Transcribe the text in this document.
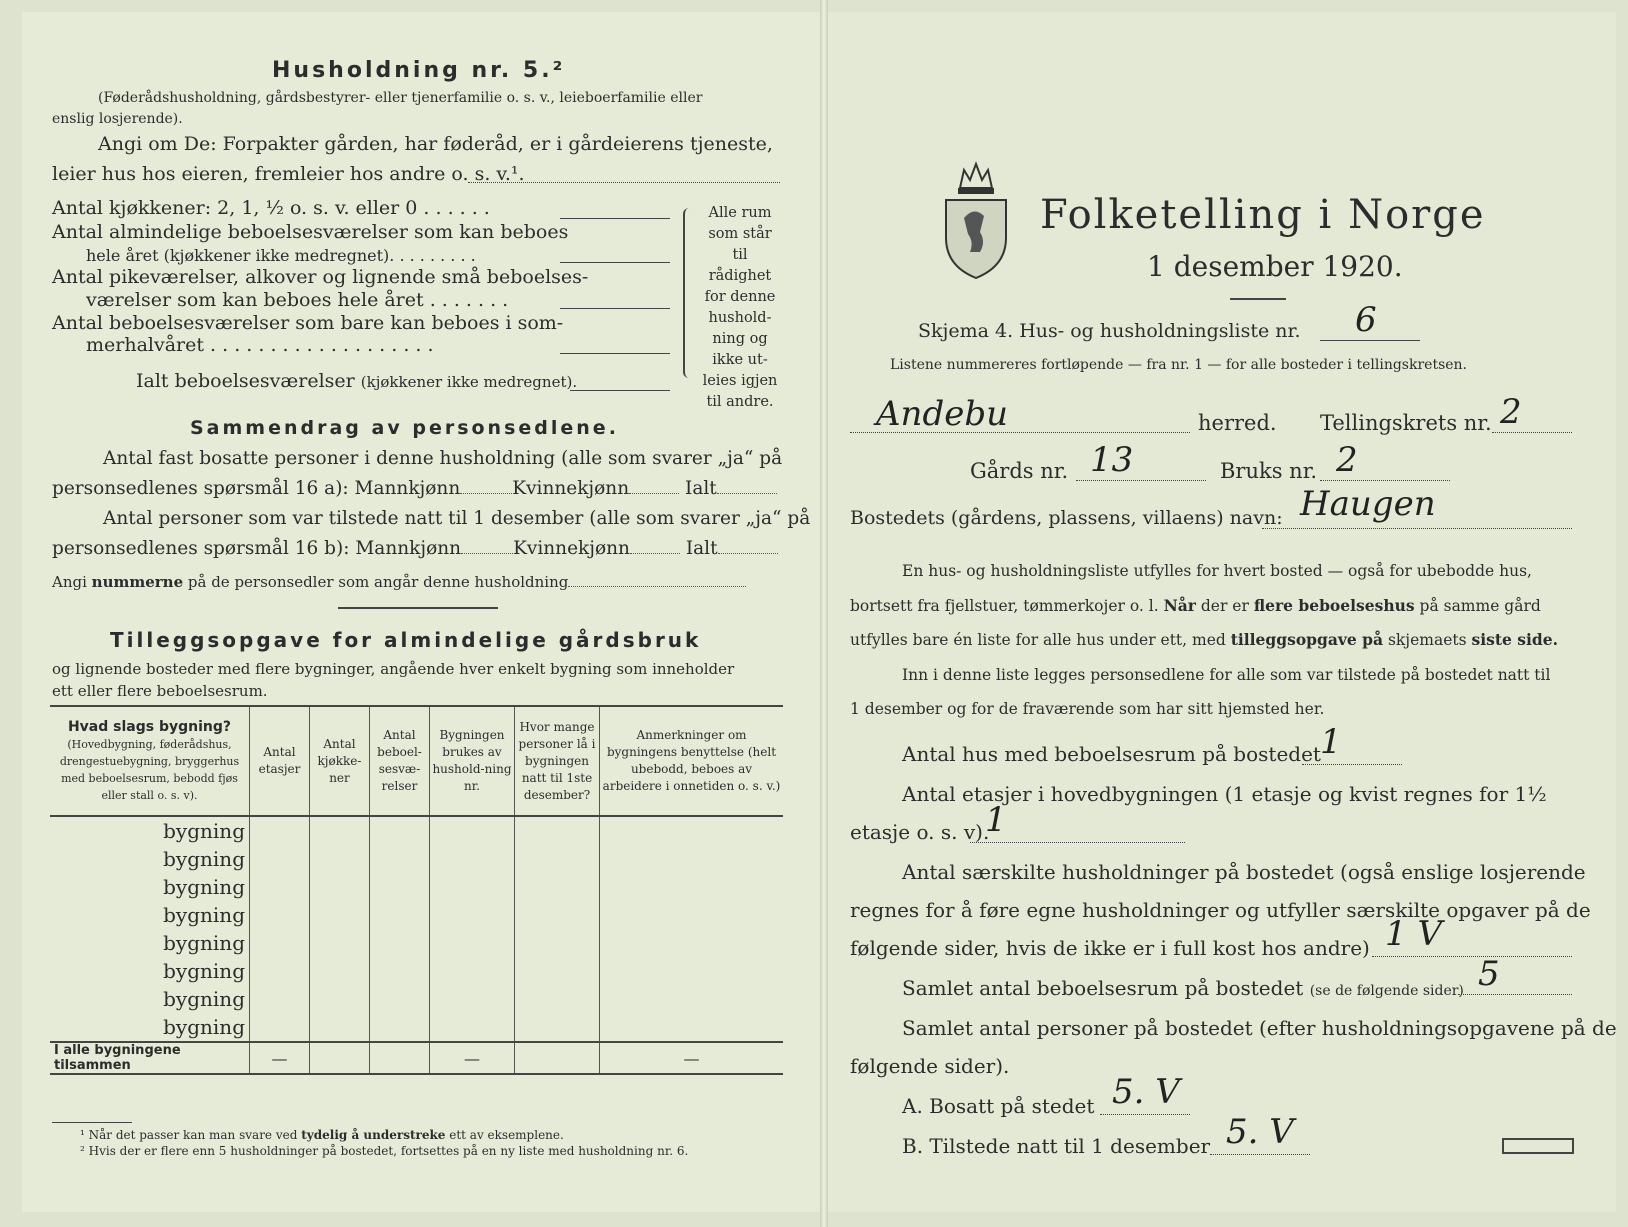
Husholdning nr. 5.²
(Føderådshusholdning, gårdsbestyrer- eller tjenerfamilie o. s. v., leieboerfamilie eller
enslig losjerende).
Angi om De: Forpakter gården, har føderåd, er i gårdeierens tjeneste,
leier hus hos eieren, fremleier hos andre o. s. v.¹.
Antal kjøkkener: 2, 1, ½ o. s. v. eller 0 . . . . . .
Antal almindelige beboelsesværelser som kan beboes
hele året (kjøkkener ikke medregnet). . . . . . . . .
Antal pikeværelser, alkover og lignende små beboelses-
værelser som kan beboes hele året . . . . . . .
Antal beboelsesværelser som bare kan beboes i som-
merhalvåret . . . . . . . . . . . . . . . . . . .
Ialt beboelsesværelser (kjøkkener ikke medregnet).
Alle rum
som står til
rådighet
for denne
hushold-
ning og
ikke ut-
leies igjen
til andre.
Sammendrag av personsedlene.
Antal fast bosatte personer i denne husholdning (alle som svarer „ja“ på
personsedlenes spørsmål 16 a): Mannkjønn	Kvinnekjønn	Ialt
Antal personer som var tilstede natt til 1 desember (alle som svarer „ja“ på
personsedlenes spørsmål 16 b): Mannkjønn	Kvinnekjønn	Ialt
Angi nummerne på de personsedler som angår denne husholdning
Tilleggsopgave for almindelige gårdsbruk
og lignende bosteder med flere bygninger, angående hver enkelt bygning som inneholder
ett eller flere beboelsesrum.
Hvad slags bygning?
(Hovedbygning, føderådshus, drengestuebygning, bryggerhus med beboelsesrum, bebodd fjøs eller stall o. s. v).	Antal etasjer	Antal kjøkke-ner	Antal beboel-sesvæ-relser	Bygningen brukes av hushold-ning nr.	Hvor mange personer lå i bygningen natt til 1ste desember?	Anmerkninger om bygningens benyttelse (helt ubebodd, beboes av arbeidere i onnetiden o. s. v.)
bygning						
bygning						
bygning						
bygning						
bygning						
bygning						
bygning						
bygning						
I alle bygningene tilsammen	—			—		—
¹ Når det passer kan man svare ved tydelig å understreke ett av eksemplene.
² Hvis der er flere enn 5 husholdninger på bostedet, fortsettes på en ny liste med husholdning nr. 6.
Folketelling i Norge
1 desember 1920.
Skjema 4. Hus- og husholdningsliste nr. 6
Listene nummereres fortløpende — fra nr. 1 — for alle bosteder i tellingskretsen.
Andebu	herred. Tellingskrets nr. 2
Gårds nr. 13	Bruks nr. 2
Bostedets (gårdens, plassens, villaens) navn: Haugen
En hus- og husholdningsliste utfylles for hvert bosted — også for ubebodde hus,
bortsett fra fjellstuer, tømmerkojer o. l. Når der er flere beboelseshus på samme gård
utfylles bare én liste for alle hus under ett, med tilleggsopgave på skjemaets siste side.
Inn i denne liste legges personsedlene for alle som var tilstede på bostedet natt til
1 desember og for de fraværende som har sitt hjemsted her.
Antal hus med beboelsesrum på bostedet 1
Antal etasjer i hovedbygningen (1 etasje og kvist regnes for 1½
etasje o. s. v).
1
Antal særskilte husholdninger på bostedet (også enslige losjerende
regnes for å føre egne husholdninger og utfyller særskilte opgaver på de
følgende sider, hvis de ikke er i full kost hos andre) 1 V
Samlet antal beboelsesrum på bostedet (se de følgende sider) 5
Samlet antal personer på bostedet (efter husholdningsopgavene på de
følgende sider).
A. Bosatt på stedet 5. V
B. Tilstede natt til 1 desember 5. V
